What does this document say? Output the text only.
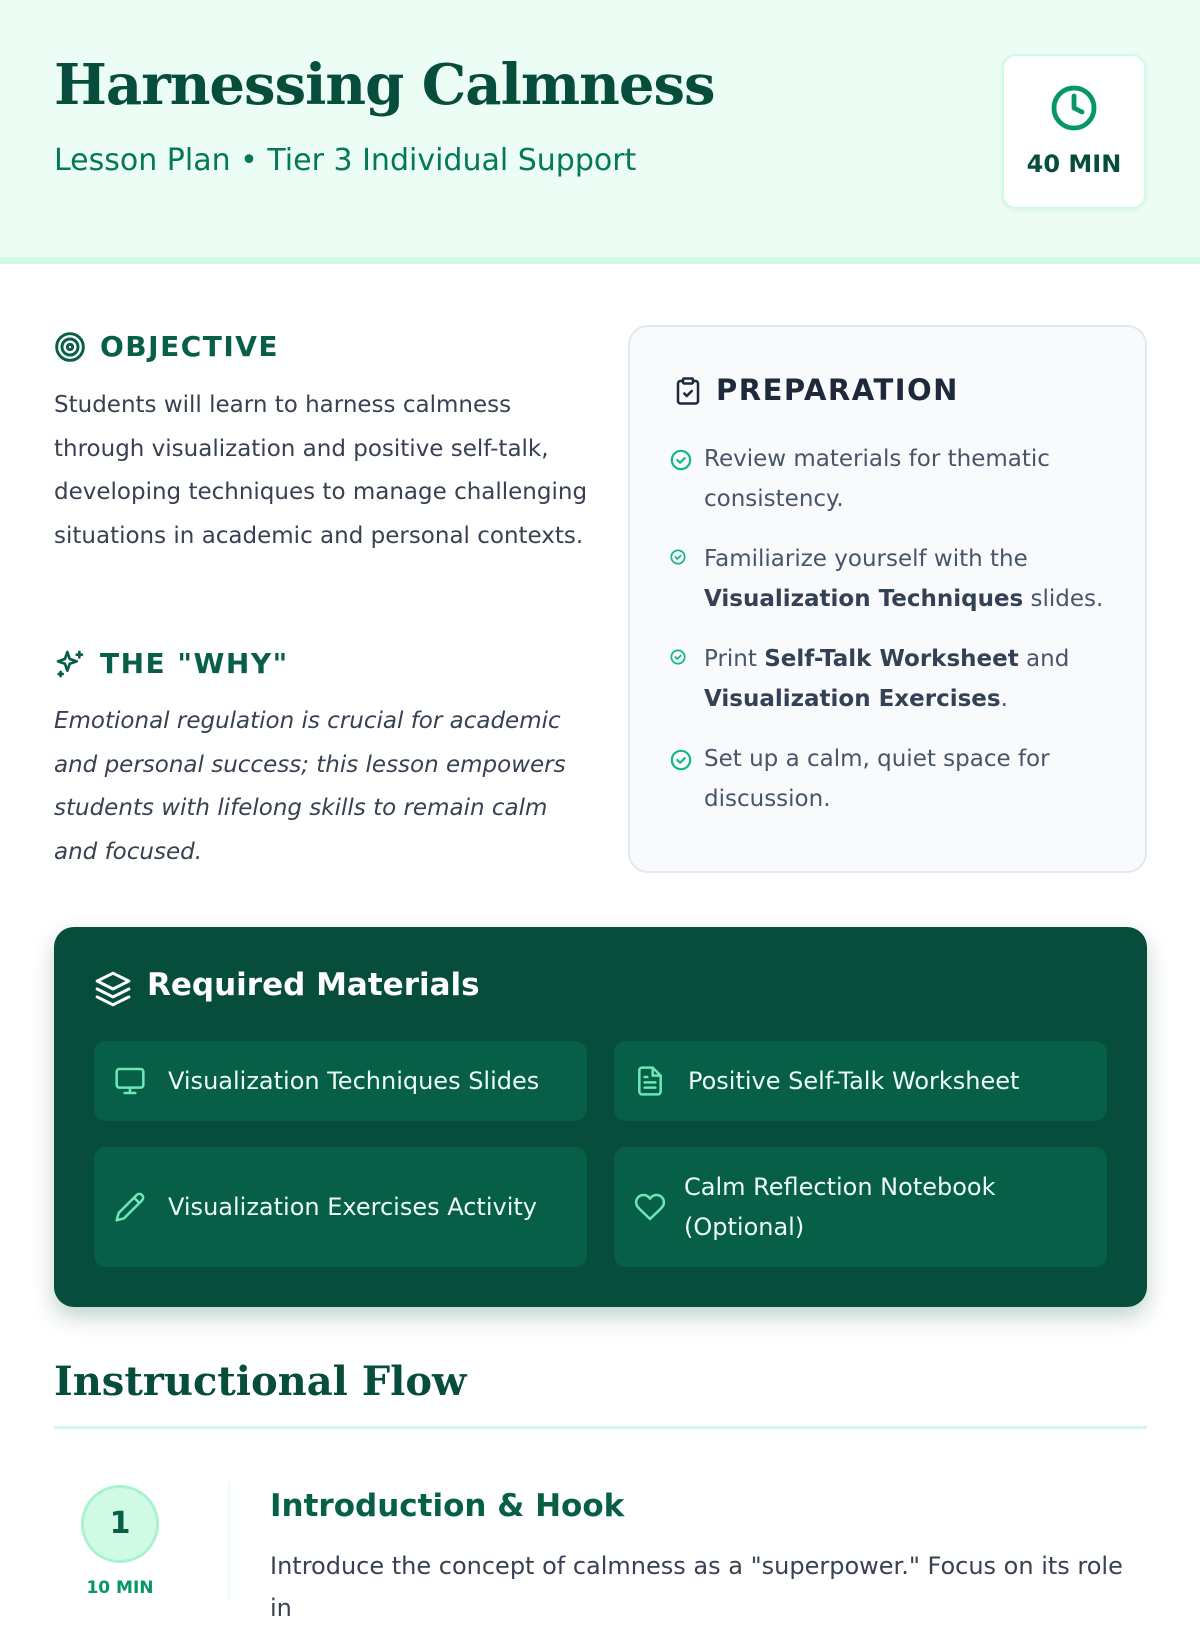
Harnessing Calmness
Lesson Plan • Tier 3 Individual Support	40 MIN
OBJECTIVE
Students will learn to harness calmness through visualization and positive self-talk, developing techniques to manage challenging situations in academic and personal contexts.
THE "WHY"
Emotional regulation is crucial for academic and personal success; this lesson empowers students with lifelong skills to remain calm and focused.
PREPARATION
Review materials for thematic consistency.
Familiarize yourself with the Visualization Techniques slides.
Print Self-Talk Worksheet and Visualization Exercises.
Set up a calm, quiet space for discussion.
Required Materials
Visualization Techniques Slides	Positive Self-Talk Worksheet
Visualization Exercises Activity
Calm Reflection Notebook (Optional)
Instructional Flow
1
10 MIN
Introduction & Hook
Introduce the concept of calmness as a "superpower." Focus on its role in
